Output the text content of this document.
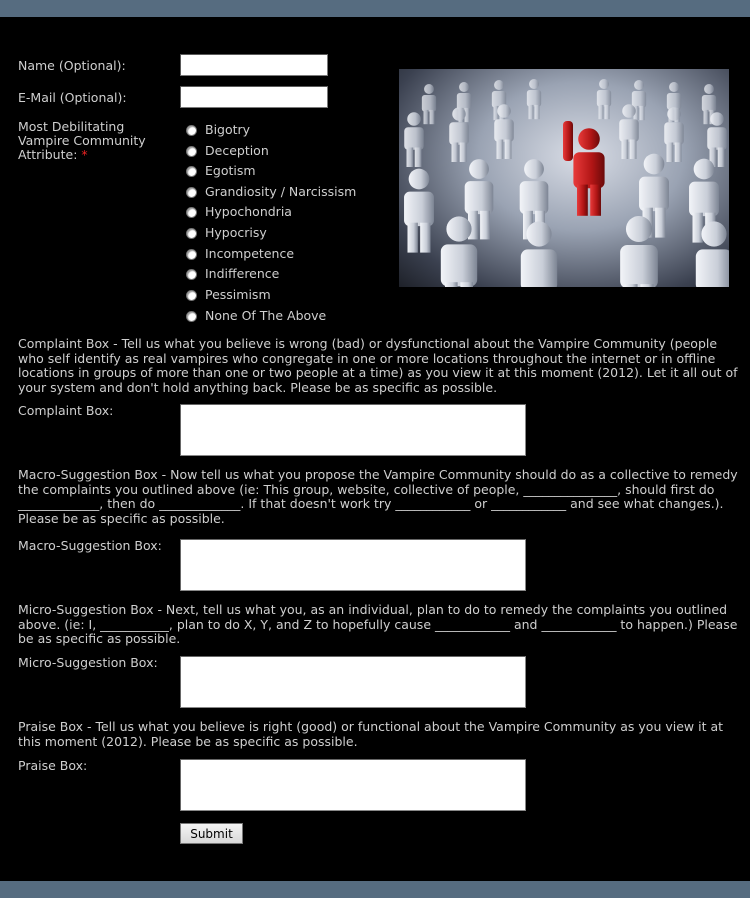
Name (Optional):
E-Mail (Optional):
Most Debilitating Vampire Community Attribute: *
Bigotry
Deception
Egotism
Grandiosity / Narcissism
Hypochondria
Hypocrisy
Incompetence
Indifference
Pessimism
None Of The Above
Complaint Box - Tell us what you believe is wrong (bad) or dysfunctional about the Vampire Community (people who self identify as real vampires who congregate in one or more locations throughout the internet or in offline locations in groups of more than one or two people at a time) as you view it at this moment (2012). Let it all out of your system and don't hold anything back. Please be as specific as possible.
Complaint Box:
Macro-Suggestion Box - Now tell us what you propose the Vampire Community should do as a collective to remedy the complaints you outlined above (ie: This group, website, collective of people, _______________, should first do _____________, then do _____________. If that doesn't work try ____________ or ____________ and see what changes.). Please be as specific as possible.
Macro-Suggestion Box:
Micro-Suggestion Box - Next, tell us what you, as an individual, plan to do to remedy the complaints you outlined above. (ie: I, ___________, plan to do X, Y, and Z to hopefully cause ____________ and ____________ to happen.) Please be as specific as possible.
Micro-Suggestion Box:
Praise Box - Tell us what you believe is right (good) or functional about the Vampire Community as you view it at this moment (2012). Please be as specific as possible.
Praise Box:
Submit
